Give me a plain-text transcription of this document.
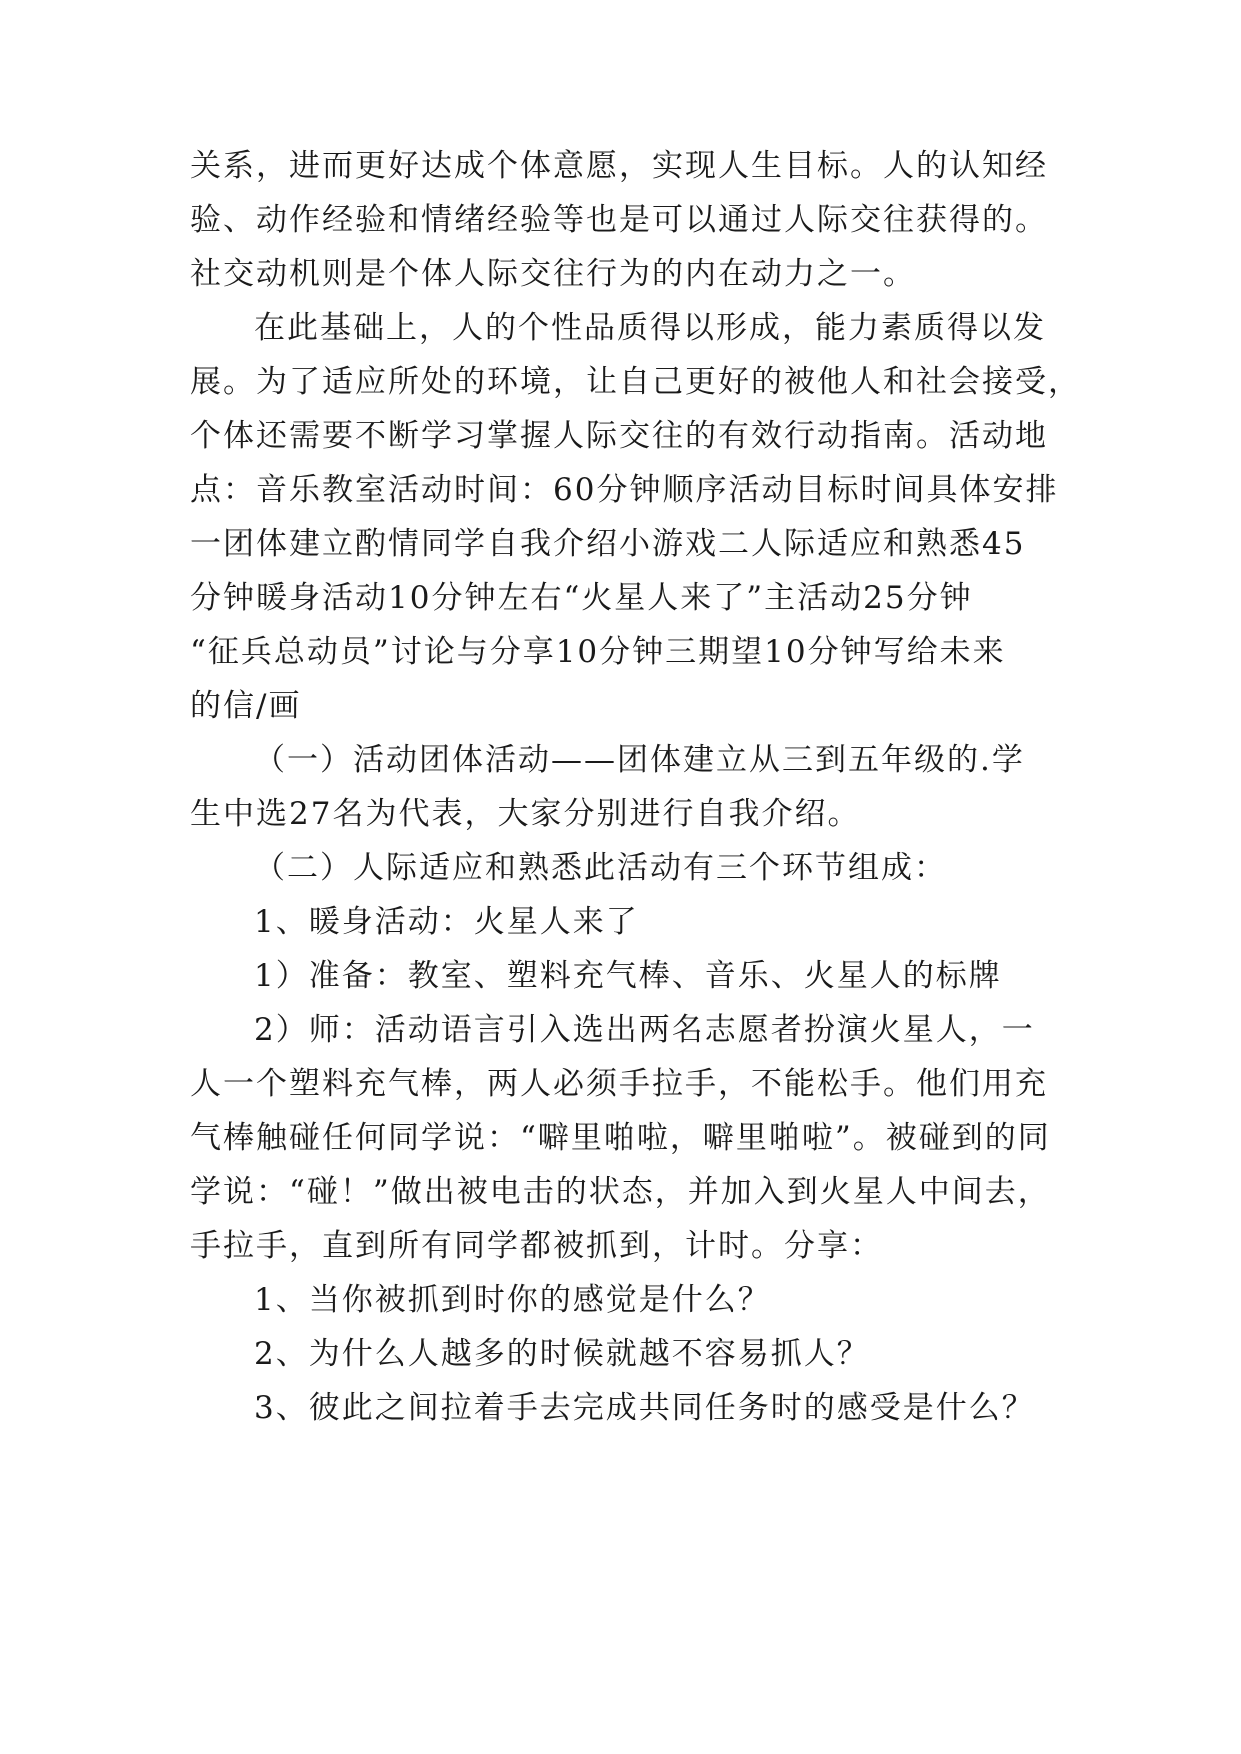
关系，进而更好达成个体意愿，实现人生目标。人的认知经
验、动作经验和情绪经验等也是可以通过人际交往获得的。
社交动机则是个体人际交往行为的内在动力之一。
在此基础上，人的个性品质得以形成，能力素质得以发
展。为了适应所处的环境，让自己更好的被他人和社会接受，
个体还需要不断学习掌握人际交往的有效行动指南。活动地
点：音乐教室活动时间：60分钟顺序活动目标时间具体安排
一团体建立酌情同学自我介绍小游戏二人际适应和熟悉45
分钟暖身活动10分钟左右“火星人来了”主活动25分钟
“征兵总动员”讨论与分享10分钟三期望10分钟写给未来
的信/画
（一）活动团体活动——团体建立从三到五年级的.学
生中选27名为代表，大家分别进行自我介绍。
（二）人际适应和熟悉此活动有三个环节组成：
1、暖身活动：火星人来了
1）准备：教室、塑料充气棒、音乐、火星人的标牌
2）师：活动语言引入选出两名志愿者扮演火星人，一
人一个塑料充气棒，两人必须手拉手，不能松手。他们用充
气棒触碰任何同学说：“噼里啪啦，噼里啪啦”。被碰到的同
学说：“碰！”做出被电击的状态，并加入到火星人中间去，
手拉手，直到所有同学都被抓到，计时。分享：
1、当你被抓到时你的感觉是什么？
2、为什么人越多的时候就越不容易抓人？
3、彼此之间拉着手去完成共同任务时的感受是什么？
